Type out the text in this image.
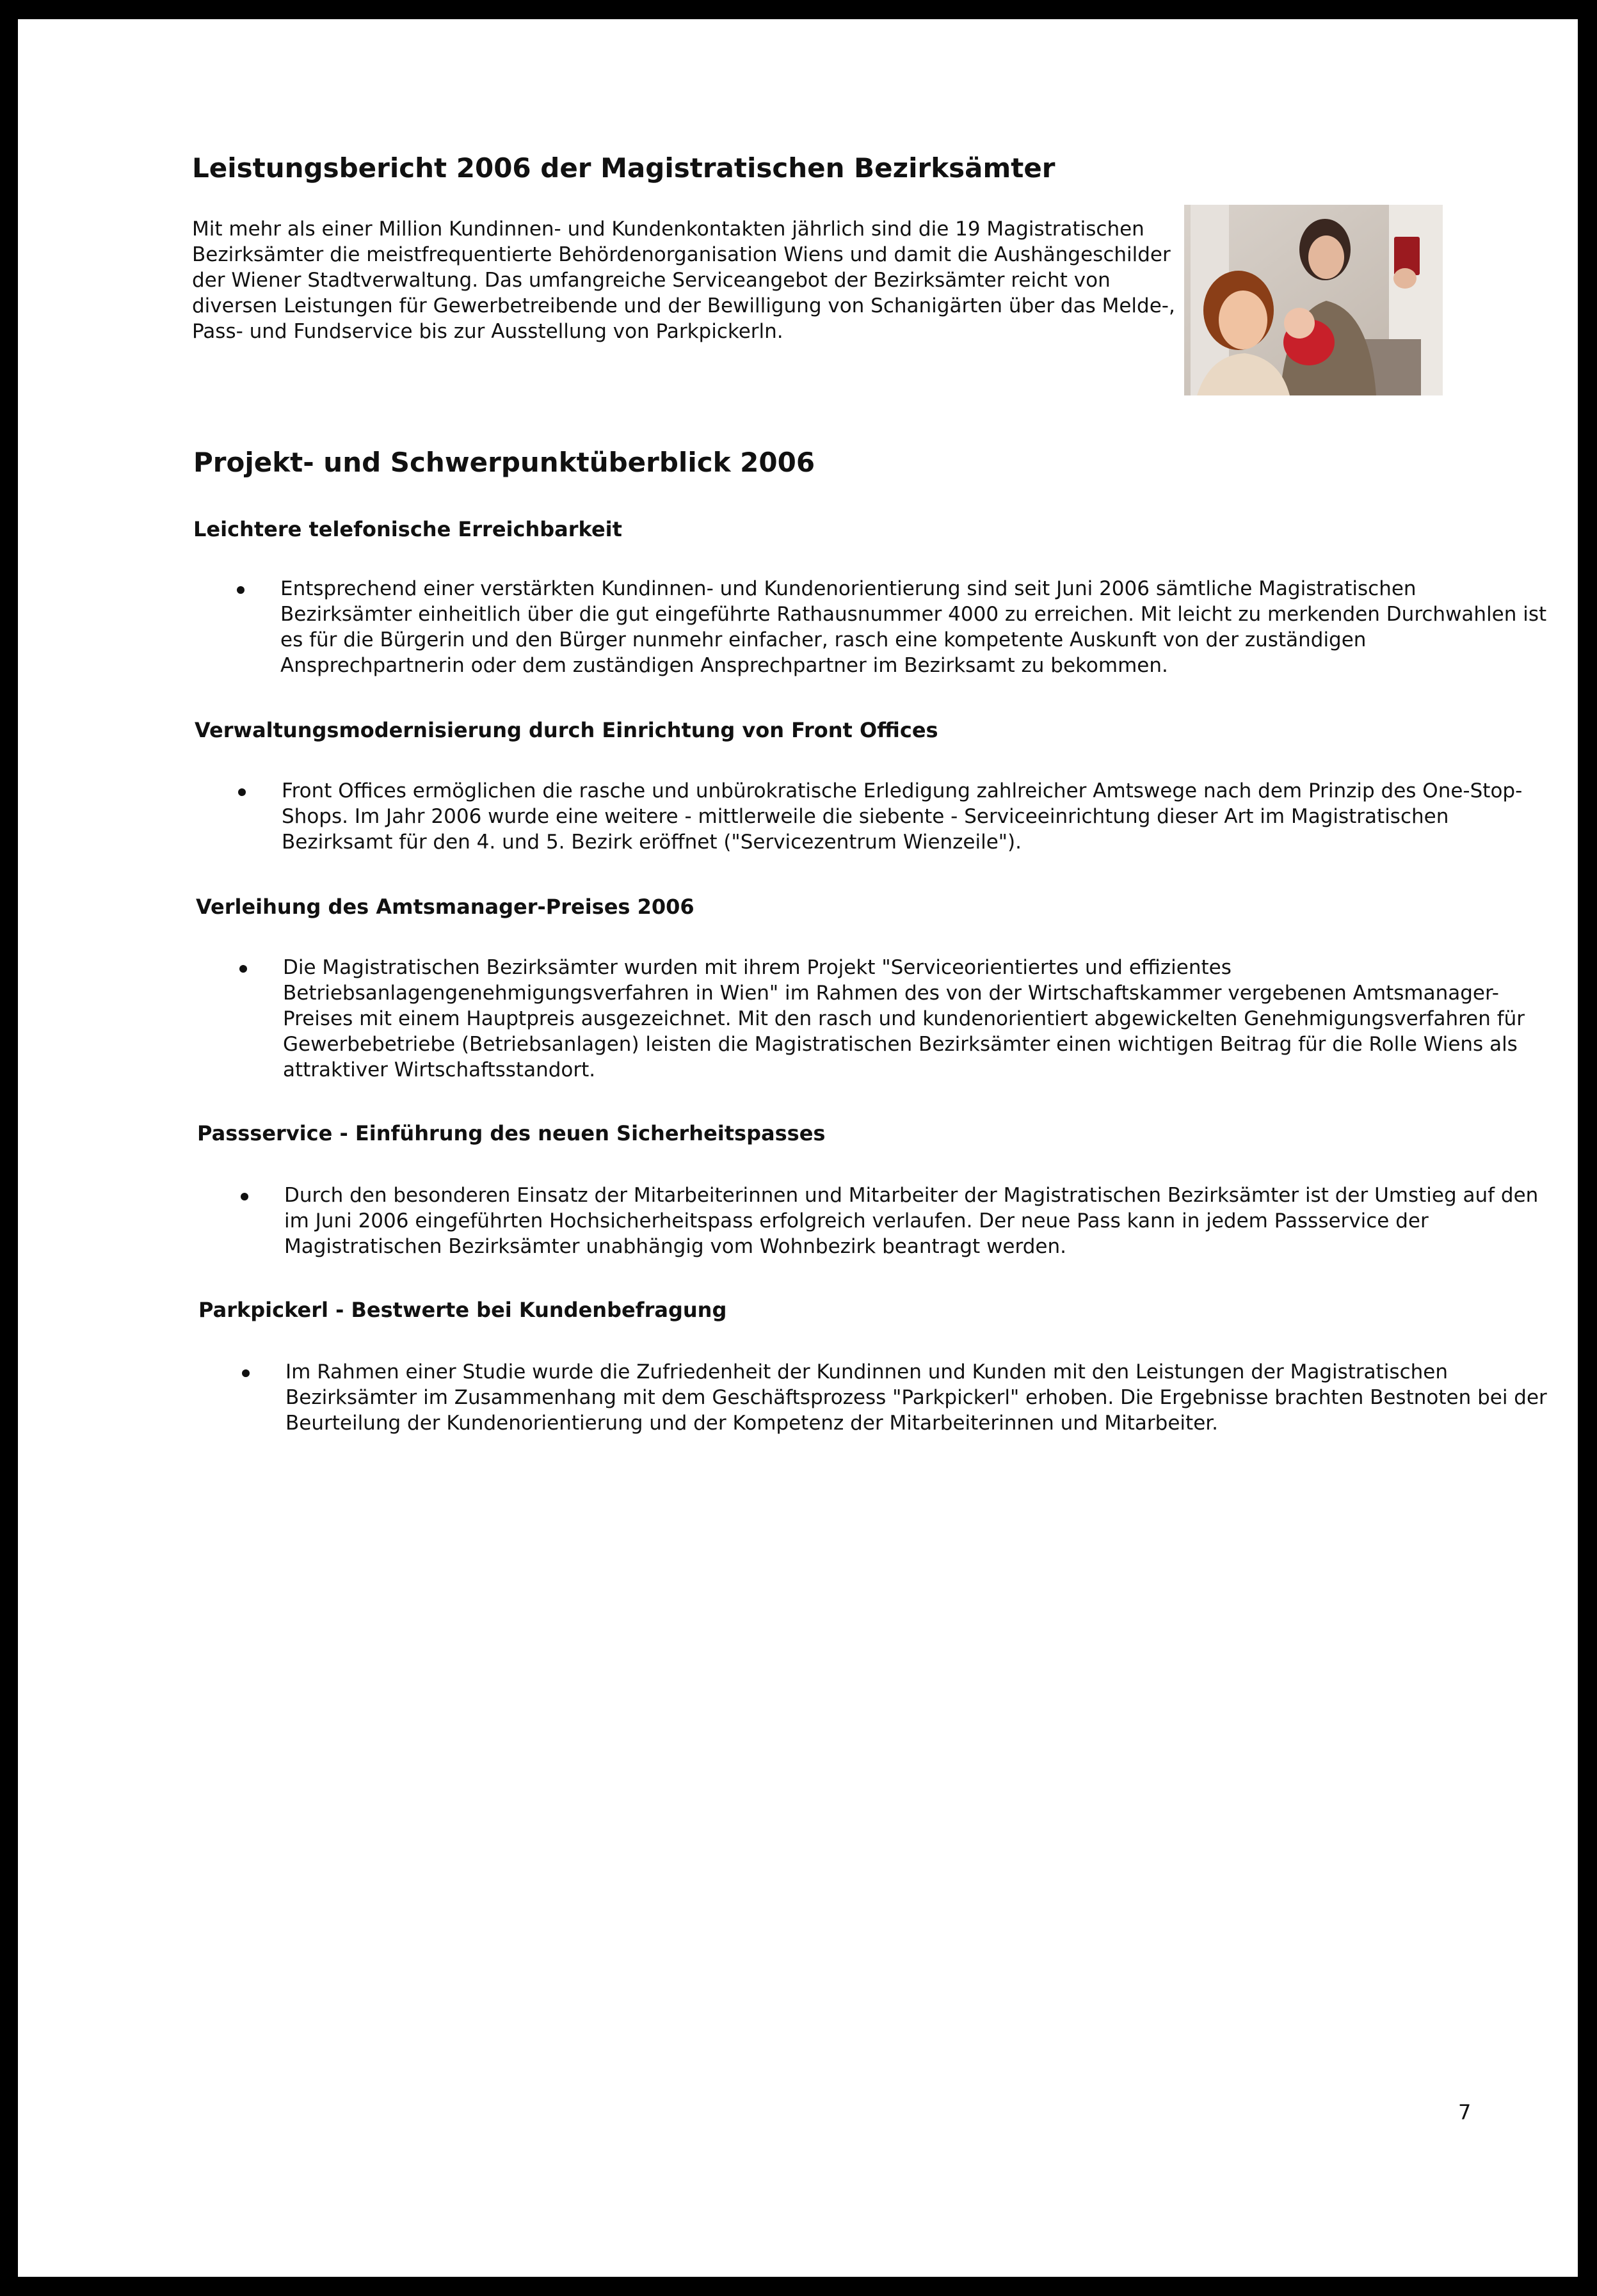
Leistungsbericht 2006 der Magistratischen Bezirksämter

Mit mehr als einer Million Kundinnen- und Kundenkontakten jährlich sind die 19 Magistratischen Bezirksämter die meistfrequentierte Behördenorganisation Wiens und damit die Aushängeschilder der Wiener Stadtverwaltung. Das umfangreiche Serviceangebot der Bezirksämter reicht von diversen Leistungen für Gewerbetreibende und der Bewilligung von Schanigärten über das Melde-, Pass- und Fundservice bis zur Ausstellung von Parkpickerln.

Projekt- und Schwerpunktüberblick 2006
Leichtere telefonische Erreichbarkeit

Entsprechend einer verstärkten Kundinnen- und Kundenorientierung sind seit Juni 2006 sämtliche Magistratischen Bezirksämter einheitlich über die gut eingeführte Rathausnummer 4000 zu erreichen. Mit leicht zu merkenden Durchwahlen ist es für die Bürgerin und den Bürger nunmehr einfacher, rasch eine kompetente Auskunft von der zuständigen Ansprechpartnerin oder dem zuständigen Ansprechpartner im Bezirksamt zu bekommen.

Verwaltungsmodernisierung durch Einrichtung von Front Offices

Front Offices ermöglichen die rasche und unbürokratische Erledigung zahlreicher Amtswege nach dem Prinzip des One-Stop-Shops. Im Jahr 2006 wurde eine weitere - mittlerweile die siebente - Serviceeinrichtung dieser Art im Magistratischen Bezirksamt für den 4. und 5. Bezirk eröffnet ("Servicezentrum Wienzeile").

Verleihung des Amtsmanager-Preises 2006

Die Magistratischen Bezirksämter wurden mit ihrem Projekt "Serviceorientiertes und effizientes Betriebsanlagengenehmigungsverfahren in Wien" im Rahmen des von der Wirtschaftskammer vergebenen Amtsmanager-Preises mit einem Hauptpreis ausgezeichnet. Mit den rasch und kundenorientiert abgewickelten Genehmigungsverfahren für Gewerbebetriebe (Betriebsanlagen) leisten die Magistratischen Bezirksämter einen wichtigen Beitrag für die Rolle Wiens als attraktiver Wirtschaftsstandort.

Passservice - Einführung des neuen Sicherheitspasses

Durch den besonderen Einsatz der Mitarbeiterinnen und Mitarbeiter der Magistratischen Bezirksämter ist der Umstieg auf den im Juni 2006 eingeführten Hochsicherheitspass erfolgreich verlaufen. Der neue Pass kann in jedem Passservice der Magistratischen Bezirksämter unabhängig vom Wohnbezirk beantragt werden.

Parkpickerl - Bestwerte bei Kundenbefragung

Im Rahmen einer Studie wurde die Zufriedenheit der Kundinnen und Kunden mit den Leistungen der Magistratischen Bezirksämter im Zusammenhang mit dem Geschäftsprozess "Parkpickerl" erhoben. Die Ergebnisse brachten Bestnoten bei der Beurteilung der Kundenorientierung und der Kompetenz der Mitarbeiterinnen und Mitarbeiter.

7
